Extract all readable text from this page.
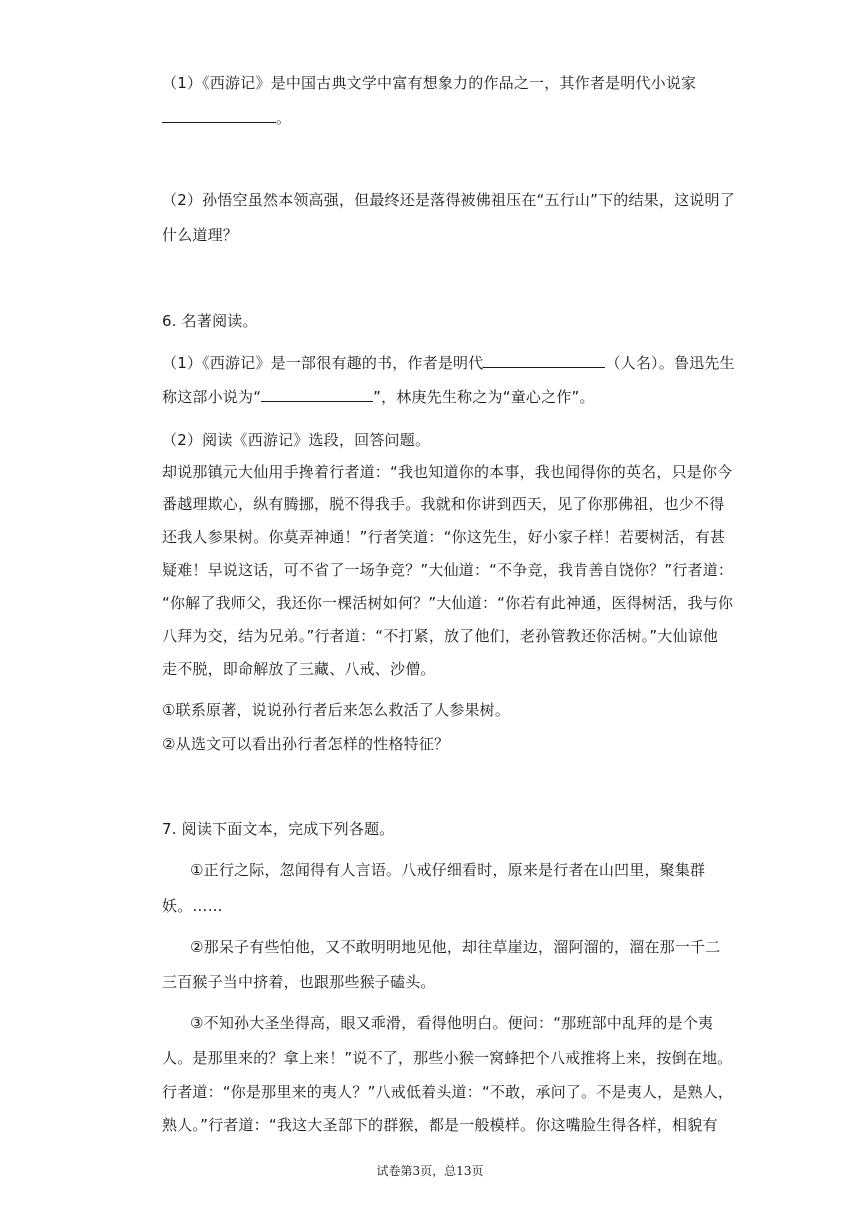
（1）《西游记》是中国古典文学中富有想象力的作品之一，其作者是明代小说家
。
（2）孙悟空虽然本领高强，但最终还是落得被佛祖压在“五行山”下的结果，这说明了
什么道理？
6. 名著阅读。
（1）《西游记》是一部很有趣的书，作者是明代	（人名）。鲁迅先生
称这部小说为“	”，林庚先生称之为“童心之作”。
（2）阅读《西游记》选段，回答问题。
却说那镇元大仙用手搀着行者道：“我也知道你的本事，我也闻得你的英名，只是你今
番越理欺心，纵有腾挪，脱不得我手。我就和你讲到西天，见了你那佛祖，也少不得
还我人参果树。你莫弄神通！”行者笑道：“你这先生，好小家子样！若要树活，有甚
疑难！早说这话，可不省了一场争竞？”大仙道：“不争竞，我肯善自饶你？”行者道：
“你解了我师父，我还你一棵活树如何？”大仙道：“你若有此神通，医得树活，我与你
八拜为交，结为兄弟。”行者道：“不打紧，放了他们，老孙管教还你活树。”大仙谅他
走不脱，即命解放了三藏、八戒、沙僧。
①联系原著，说说孙行者后来怎么救活了人参果树。
②从选文可以看出孙行者怎样的性格特征？
7. 阅读下面文本，完成下列各题。
①正行之际，忽闻得有人言语。八戒仔细看时，原来是行者在山凹里，聚集群
妖。……
②那呆子有些怕他，又不敢明明地见他，却往草崖边，溜阿溜的，溜在那一千二
三百猴子当中挤着，也跟那些猴子磕头。
③不知孙大圣坐得高，眼又乖滑，看得他明白。便问：“那班部中乱拜的是个夷
人。是那里来的？拿上来！”说不了，那些小猴一窝蜂把个八戒推将上来，按倒在地。
行者道：“你是那里来的夷人？”八戒低着头道：“不敢，承问了。不是夷人，是熟人，
熟人。”行者道：“我这大圣部下的群猴，都是一般模样。你这嘴脸生得各样，相貌有
试卷第3页，总13页
